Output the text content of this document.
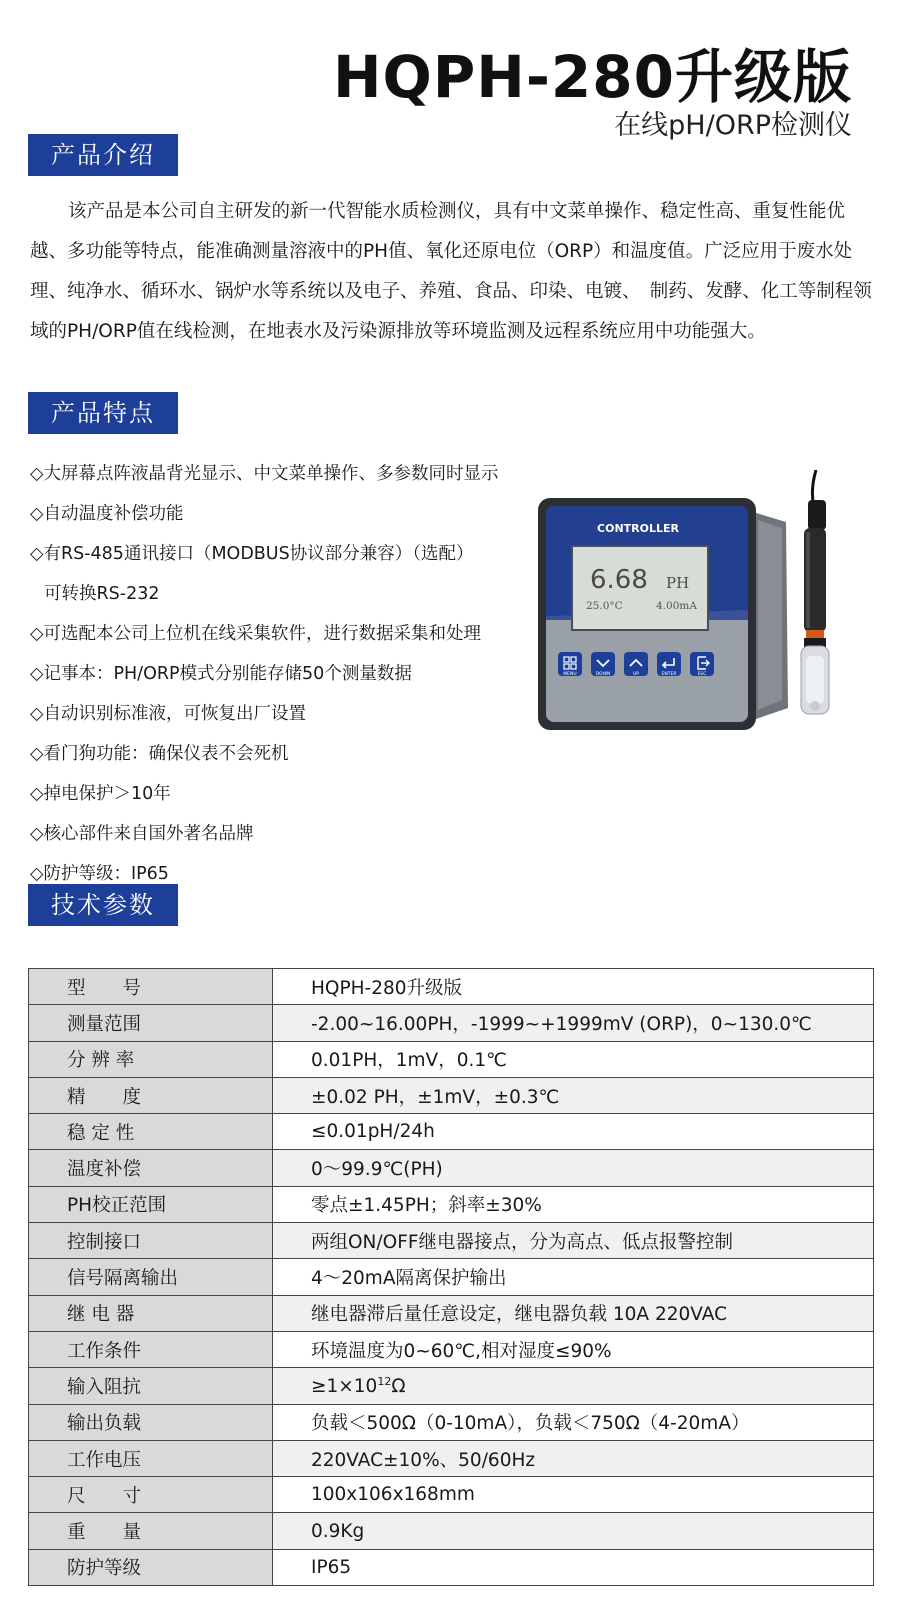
HQPH-280升级版
在线pH/ORP检测仪
产品介绍

该产品是本公司自主研发的新一代智能水质检测仪，具有中文菜单操作、稳定性高、重复性能优越、多功能等特点，能准确测量溶液中的PH值、氧化还原电位（ORP）和温度值。广泛应用于废水处理、纯净水、循环水、锅炉水等系统以及电子、养殖、食品、印染、电镀、　制药、发酵、化工等制程领域的PH/ORP值在线检测，在地表水及污染源排放等环境监测及远程系统应用中功能强大。

产品特点
◇大屏幕点阵液晶背光显示、中文菜单操作、多参数同时显示
◇自动温度补偿功能
◇有RS-485通讯接口（MODBUS协议部分兼容）（选配）
可转换RS-232
◇可选配本公司上位机在线采集软件，进行数据采集和处理
◇记事本：PH/ORP模式分别能存储50个测量数据
◇自动识别标准液，可恢复出厂设置
◇看门狗功能：确保仪表不会死机
◇掉电保护＞10年
◇核心部件来自国外著名品牌
◇防护等级：IP65
CONTROLLER
6.68 PH
25.0°C	4.00mA
MENU	DOWN	UP	ENTER	ESC
技术参数
型　　号	HQPH-280升级版
测量范围	-2.00~16.00PH，-1999~+1999mV (ORP)，0~130.0℃
分 辨 率	0.01PH，1mV，0.1℃
精　　度	±0.02 PH，±1mV，±0.3℃
稳 定 性	≤0.01pH/24h
温度补偿	0～99.9℃(PH)
PH校正范围	零点±1.45PH；斜率±30%
控制接口	两组ON/OFF继电器接点，分为高点、低点报警控制
信号隔离输出	4～20mA隔离保护输出
继 电 器	继电器滞后量任意设定，继电器负载 10A 220VAC
工作条件	环境温度为0~60℃,相对湿度≤90%
输入阻抗	$\ge 1\times 10^{12}\Omega$
输出负载	负载＜500Ω（0-10mA），负载＜750Ω（4-20mA）
工作电压	220VAC±10%、50/60Hz
尺　　寸	100x106x168mm
重　　量	0.9Kg
防护等级	IP65
